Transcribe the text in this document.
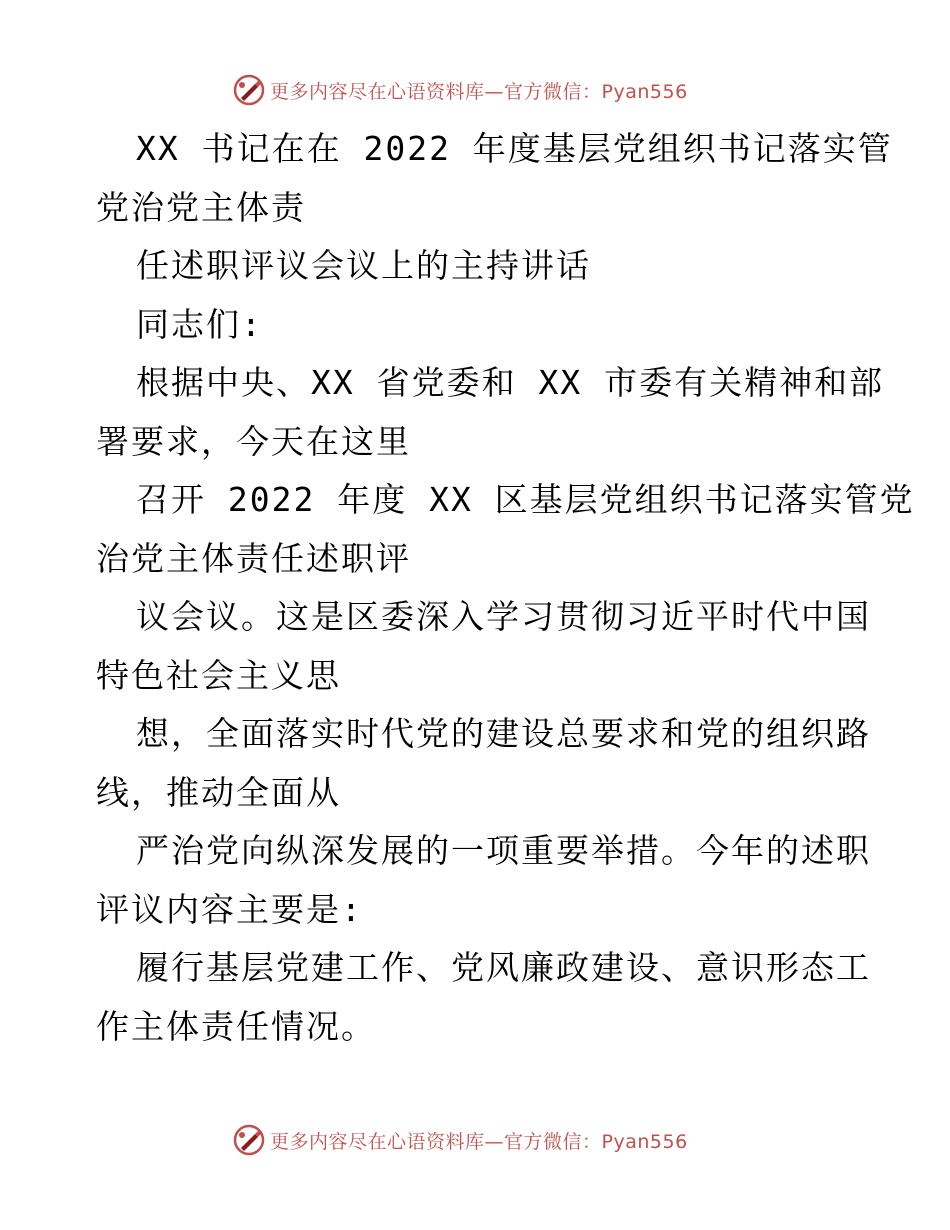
更多内容尽在心语资料库—官方微信：Pyan556

XX 书记在在 2022 年度基层党组织书记落实管

党治党主体责

任述职评议会议上的主持讲话

同志们:

根据中央、XX 省党委和 XX 市委有关精神和部

署要求，今天在这里

召开 2022 年度 XX 区基层党组织书记落实管党

治党主体责任述职评

议会议。这是区委深入学习贯彻习近平时代中国

特色社会主义思

想，全面落实时代党的建设总要求和党的组织路

线，推动全面从

严治党向纵深发展的一项重要举措。今年的述职

评议内容主要是:

履行基层党建工作、党风廉政建设、意识形态工

作主体责任情况。

更多内容尽在心语资料库—官方微信：Pyan556
